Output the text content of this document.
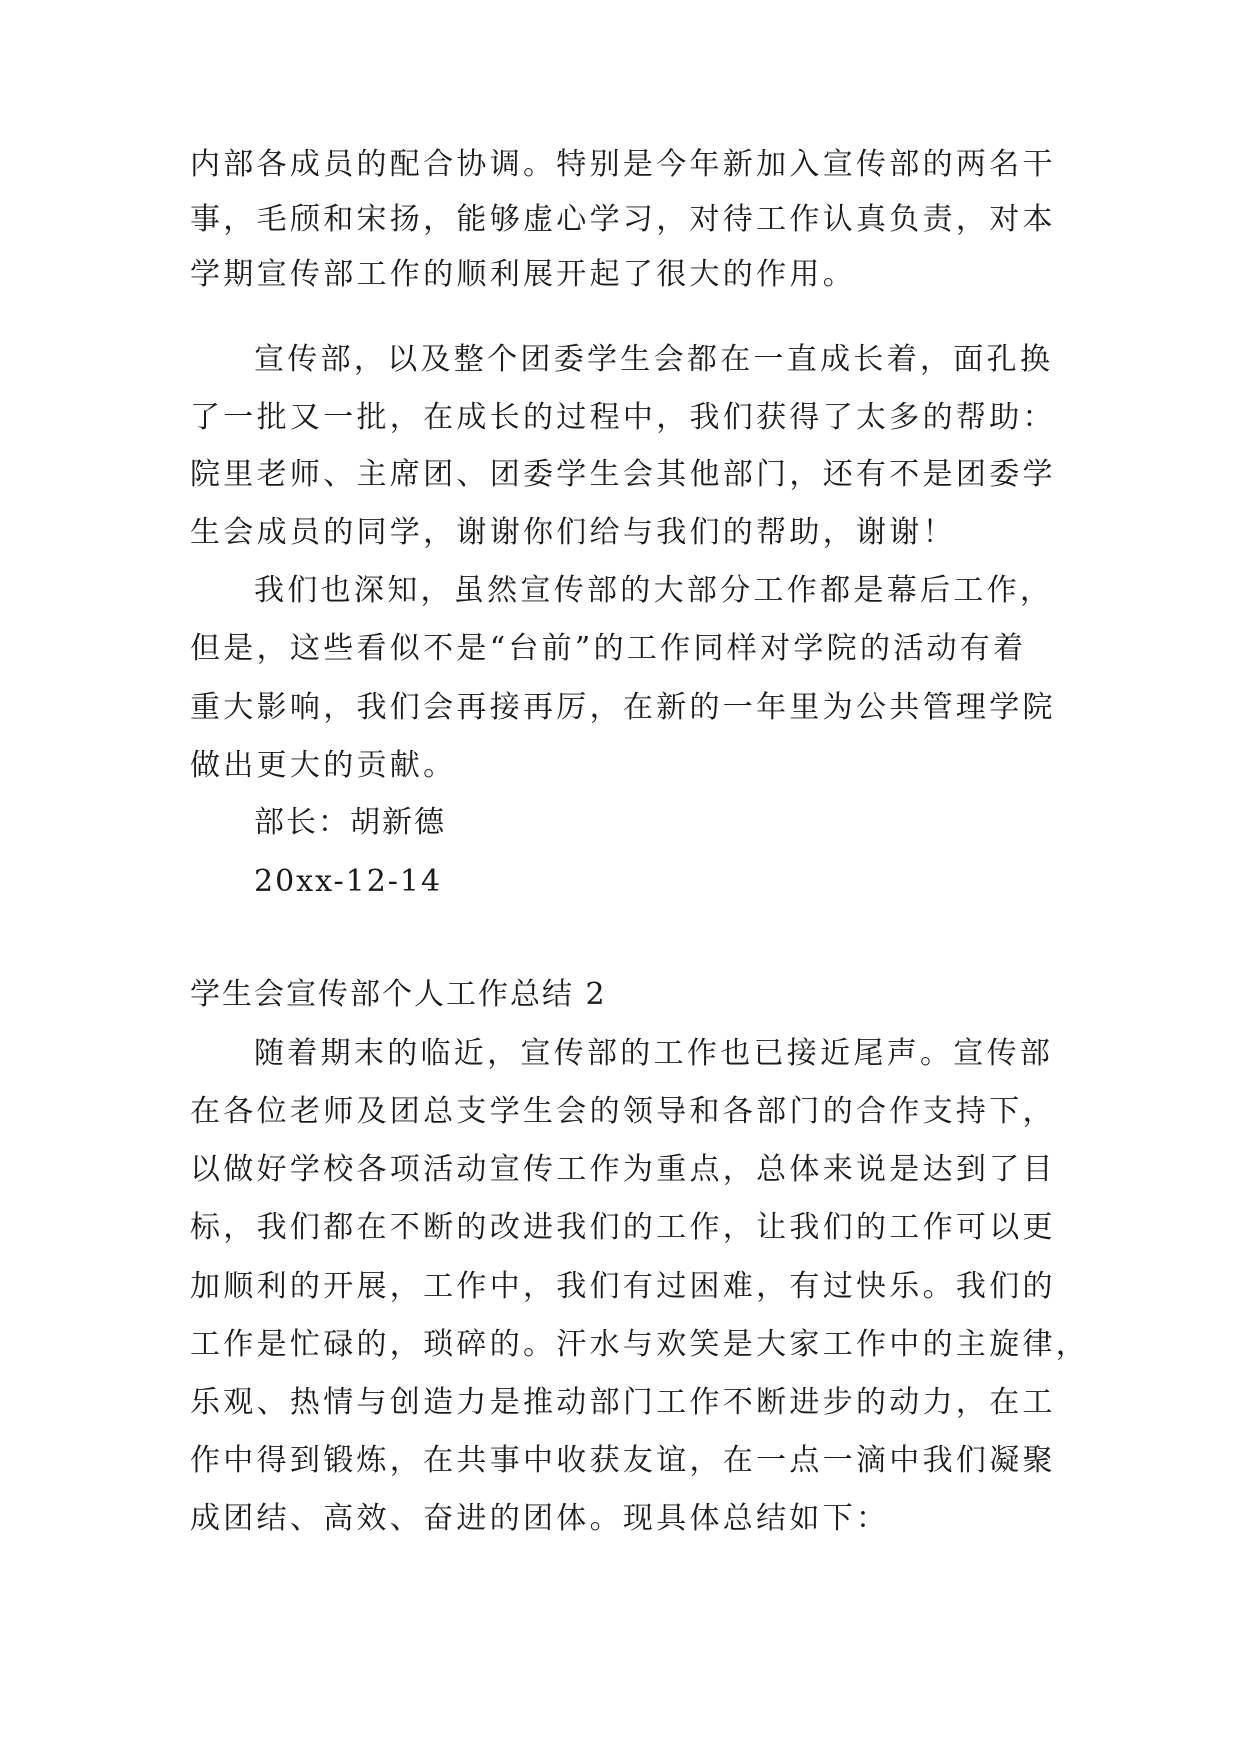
内部各成员的配合协调。特别是今年新加入宣传部的两名干
事，毛颀和宋扬，能够虚心学习，对待工作认真负责，对本
学期宣传部工作的顺利展开起了很大的作用。
宣传部，以及整个团委学生会都在一直成长着，面孔换
了一批又一批，在成长的过程中，我们获得了太多的帮助：
院里老师、主席团、团委学生会其他部门，还有不是团委学
生会成员的同学，谢谢你们给与我们的帮助，谢谢！
我们也深知，虽然宣传部的大部分工作都是幕后工作，
但是，这些看似不是“台前”的工作同样对学院的活动有着
重大影响，我们会再接再厉，在新的一年里为公共管理学院
做出更大的贡献。
部长：胡新德
20xx-12-14
学生会宣传部个人工作总结 2
随着期末的临近，宣传部的工作也已接近尾声。宣传部
在各位老师及团总支学生会的领导和各部门的合作支持下，
以做好学校各项活动宣传工作为重点，总体来说是达到了目
标，我们都在不断的改进我们的工作，让我们的工作可以更
加顺利的开展，工作中，我们有过困难，有过快乐。我们的
工作是忙碌的，琐碎的。汗水与欢笑是大家工作中的主旋律，
乐观、热情与创造力是推动部门工作不断进步的动力，在工
作中得到锻炼，在共事中收获友谊，在一点一滴中我们凝聚
成团结、高效、奋进的团体。现具体总结如下：
